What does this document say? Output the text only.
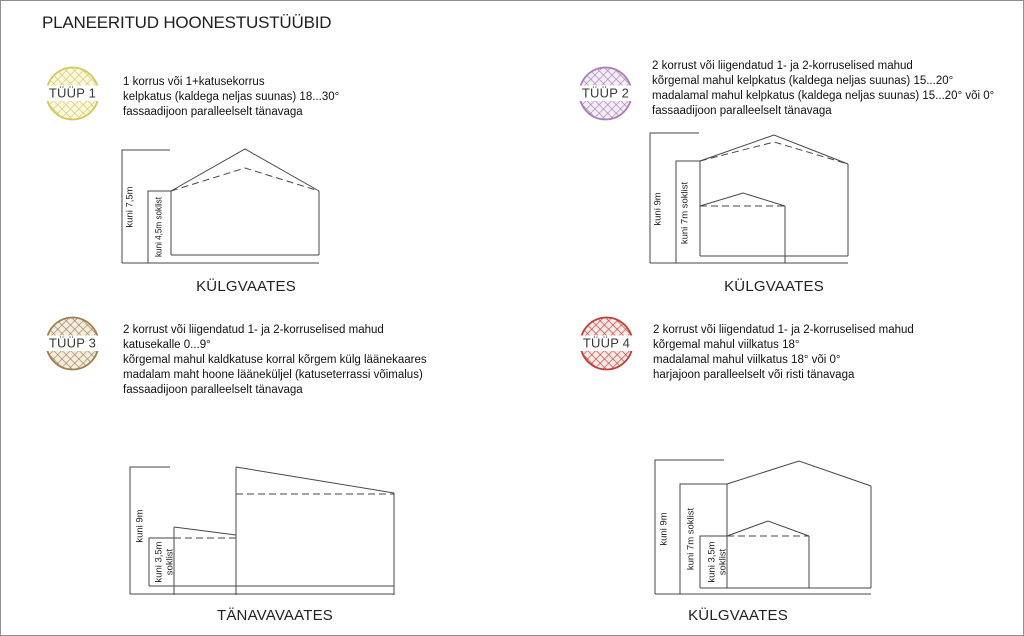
PLANEERITUD HOONESTUSTÜÜBID
TÜÜP 1
1 korrus või 1+katusekorrus
kelpkatus (kaldega neljas suunas) 18...30°
fassaadijoon paralleelselt tänavaga
kuni 7,5m kuni 4,5m soklist
KÜLGVAATES
TÜÜP 2
2 korrust või liigendatud 1- ja 2-korruselised mahud
kõrgemal mahul kelpkatus (kaldega neljas suunas) 15...20°
madalamal mahul kelpkatus (kaldega neljas suunas) 15...20° või 0°
fassaadijoon paralleelselt tänavaga
kuni 9m kuni 7m soklist
KÜLGVAATES
TÜÜP 3
2 korrust või liigendatud 1- ja 2-korruselised mahud
katusekalle 0...9°
kõrgemal mahul kaldkatuse korral kõrgem külg läänekaares
madalam maht hoone lääneküljel (katuseterrassi võimalus)
fassaadijoon paralleelselt tänavaga
kuni 9m
kuni 3,5m soklist
TÄNAVAVAATES
TÜÜP 4
2 korrust või liigendatud 1- ja 2-korruselised mahud
kõrgemal mahul viilkatus 18°
madalamal mahul viilkatus 18° või 0°
harjajoon paralleelselt või risti tänavaga
kuni 9m kuni 7m soklist kuni 3,5m soklist
KÜLGVAATES
